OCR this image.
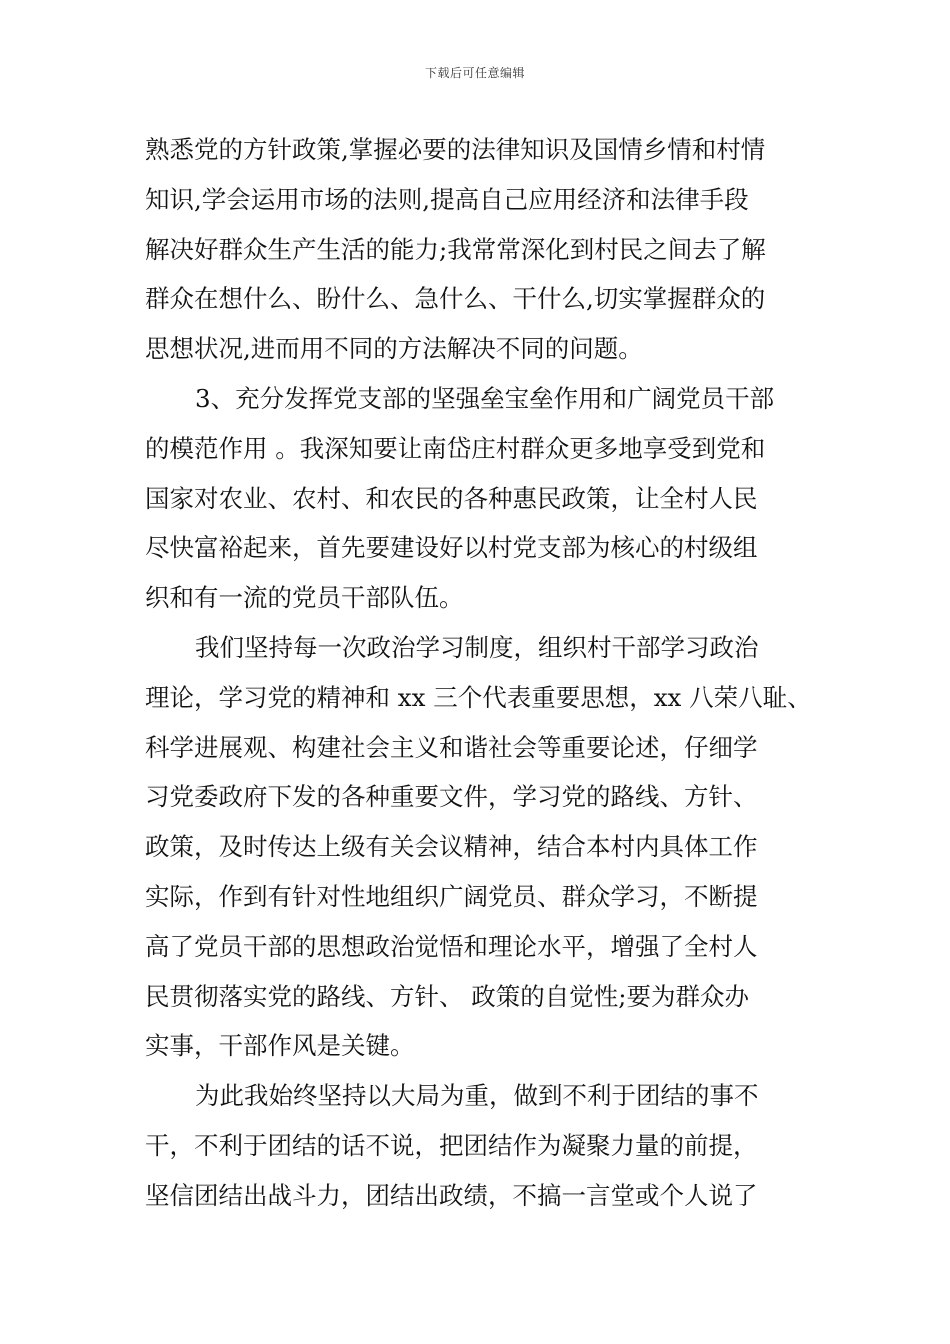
下载后可任意编辑
熟悉党的方针政策,掌握必要的法律知识及国情乡情和村情
知识,学会运用市场的法则,提高自己应用经济和法律手段
解决好群众生产生活的能力;我常常深化到村民之间去了解
群众在想什么、盼什么、急什么、干什么,切实掌握群众的
思想状况,进而用不同的方法解决不同的问题。
3、充分发挥党支部的坚强垒宝垒作用和广阔党员干部
的模范作用 。我深知要让南岱庄村群众更多地享受到党和
国家对农业、农村、和农民的各种惠民政策，让全村人民
尽快富裕起来，首先要建设好以村党支部为核心的村级组
织和有一流的党员干部队伍。
我们坚持每一次政治学习制度，组织村干部学习政治
理论，学习党的精神和 xx 三个代表重要思想，xx 八荣八耻、
科学进展观、构建社会主义和谐社会等重要论述，仔细学
习党委政府下发的各种重要文件，学习党的路线、方针、
政策，及时传达上级有关会议精神，结合本村内具体工作
实际，作到有针对性地组织广阔党员、群众学习，不断提
高了党员干部的思想政治觉悟和理论水平，增强了全村人
民贯彻落实党的路线、方针、 政策的自觉性;要为群众办
实事，干部作风是关键。
为此我始终坚持以大局为重，做到不利于团结的事不
干，不利于团结的话不说，把团结作为凝聚力量的前提，
坚信团结出战斗力，团结出政绩，不搞一言堂或个人说了
